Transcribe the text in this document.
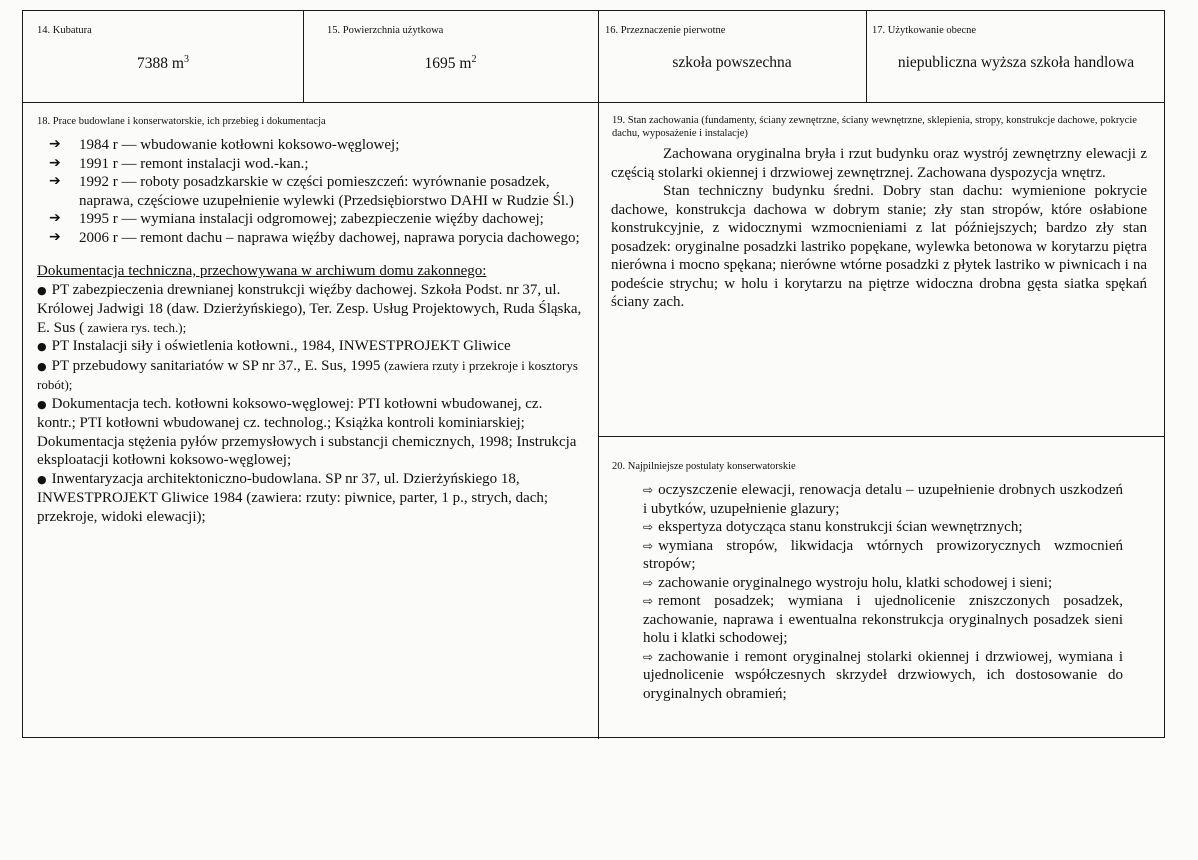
14. Kubatura
7388 $m^3$
15. Powierzchnia użytkowa
1695 $m^2$
16. Przeznaczenie pierwotne
szkoła powszechna
17. Użytkowanie obecne
niepubliczna wyższa szkoła handlowa
18. Prace budowlane i konserwatorskie, ich przebieg i dokumentacja
➔ 1984 r — wbudowanie kotłowni koksowo-węglowej;
➔ 1991 r — remont instalacji wod.-kan.;
➔ 1992 r — roboty posadzkarskie w części pomieszczeń: wyrównanie posadzek, naprawa, częściowe uzupełnienie wylewki (Przedsiębiorstwo DAHI w Rudzie Śl.)
➔ 1995 r — wymiana instalacji odgromowej; zabezpieczenie więźby dachowej;
➔ 2006 r — remont dachu – naprawa więźby dachowej, naprawa porycia dachowego;
Dokumentacja techniczna, przechowywana w archiwum domu zakonnego:
● PT zabezpieczenia drewnianej konstrukcji więźby dachowej. Szkoła Podst. nr 37, ul. Królowej Jadwigi 18 (daw. Dzierżyńskiego), Ter. Zesp. Usług Projektowych, Ruda Śląska, E. Sus ( zawiera rys. tech.);
● PT Instalacji siły i oświetlenia kotłowni., 1984, INWESTPROJEKT Gliwice
● PT przebudowy sanitariatów w SP nr 37., E. Sus, 1995 (zawiera rzuty i przekroje i kosztorys robót);
● Dokumentacja tech. kotłowni koksowo-węglowej: PTI kotłowni wbudowanej, cz. kontr.; PTI kotłowni wbudowanej cz. technolog.; Książka kontroli kominiarskiej; Dokumentacja stężenia pyłów przemysłowych i substancji chemicznych, 1998; Instrukcja eksploatacji kotłowni koksowo-węglowej;
● Inwentaryzacja architektoniczno-budowlana. SP nr 37, ul. Dzierżyńskiego 18, INWESTPROJEKT Gliwice 1984 (zawiera: rzuty: piwnice, parter, 1 p., strych, dach; przekroje, widoki elewacji);
19. Stan zachowania (fundamenty, ściany zewnętrzne, ściany wewnętrzne, sklepienia, stropy, konstrukcje dachowe, pokrycie dachu, wyposażenie i instalacje)

Zachowana oryginalna bryła i rzut budynku oraz wystrój zewnętrzny elewacji z częścią stolarki okiennej i drzwiowej zewnętrznej. Zachowana dyspozycja wnętrz.

Stan techniczny budynku średni. Dobry stan dachu: wymienione pokrycie dachowe, konstrukcja dachowa w dobrym stanie; zły stan stropów, które osłabione konstrukcyjnie, z widocznymi wzmocnieniami z lat późniejszych; bardzo zły stan posadzek: oryginalne posadzki lastriko popękane, wylewka betonowa w korytarzu piętra nierówna i mocno spękana; nierówne wtórne posadzki z płytek lastriko w piwnicach i na podeście strychu; w holu i korytarzu na piętrze widoczna drobna gęsta siatka spękań ściany zach.

20. Najpilniejsze postulaty konserwatorskie
⇨ oczyszczenie elewacji, renowacja detalu – uzupełnienie drobnych uszkodzeń i ubytków, uzupełnienie glazury;
⇨ ekspertyza dotycząca stanu konstrukcji ścian wewnętrznych;
⇨ wymiana stropów, likwidacja wtórnych prowizorycznych wzmocnień stropów;
⇨ zachowanie oryginalnego wystroju holu, klatki schodowej i sieni;
⇨ remont posadzek; wymiana i ujednolicenie zniszczonych posadzek, zachowanie, naprawa i ewentualna rekonstrukcja oryginalnych posadzek sieni holu i klatki schodowej;
⇨ zachowanie i remont oryginalnej stolarki okiennej i drzwiowej, wymiana i ujednolicenie współczesnych skrzydeł drzwiowych, ich dostosowanie do oryginalnych obramień;
